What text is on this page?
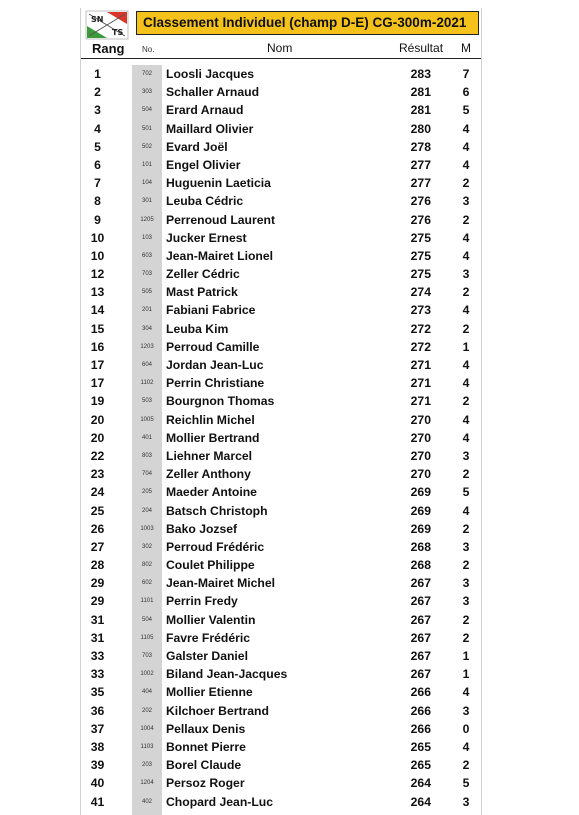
SN
TS
Classement Individuel (champ D-E) CG-300m-2021
Rang No.	Nom	Résultat M
1	702	Loosli Jacques	283	7
2	303	Schaller Arnaud	281	6
3	504	Erard Arnaud	281	5
4	501	Maillard Olivier	280	4
5	502	Evard Joël	278	4
6	101	Engel Olivier	277	4
7	104	Huguenin Laeticia	277	2
8	301	Leuba Cédric	276	3
9	1205	Perrenoud Laurent	276	2
10	103	Jucker Ernest	275	4
10	603	Jean-Mairet Lionel	275	4
12	703	Zeller Cédric	275	3
13	505	Mast Patrick	274	2
14	201	Fabiani Fabrice	273	4
15	304	Leuba Kim	272	2
16	1203	Perroud Camille	272	1
17	604	Jordan Jean-Luc	271	4
17	1102	Perrin Christiane	271	4
19	503	Bourgnon Thomas	271	2
20	1005	Reichlin Michel	270	4
20	401	Mollier Bertrand	270	4
22	803	Liehner Marcel	270	3
23	704	Zeller Anthony	270	2
24	205	Maeder Antoine	269	5
25	204	Batsch Christoph	269	4
26	1003	Bako Jozsef	269	2
27	302	Perroud Frédéric	268	3
28	802	Coulet Philippe	268	2
29	602	Jean-Mairet Michel	267	3
29	1101	Perrin Fredy	267	3
31	504	Mollier Valentin	267	2
31	1105	Favre Frédéric	267	2
33	703	Galster Daniel	267	1
33	1002	Biland Jean-Jacques	267	1
35	404	Mollier Etienne	266	4
36	202	Kilchoer Bertrand	266	3
37	1004	Pellaux Denis	266	0
38	1103	Bonnet Pierre	265	4
39	203	Borel Claude	265	2
40	1204	Persoz Roger	264	5
41	402	Chopard Jean-Luc	264	3
